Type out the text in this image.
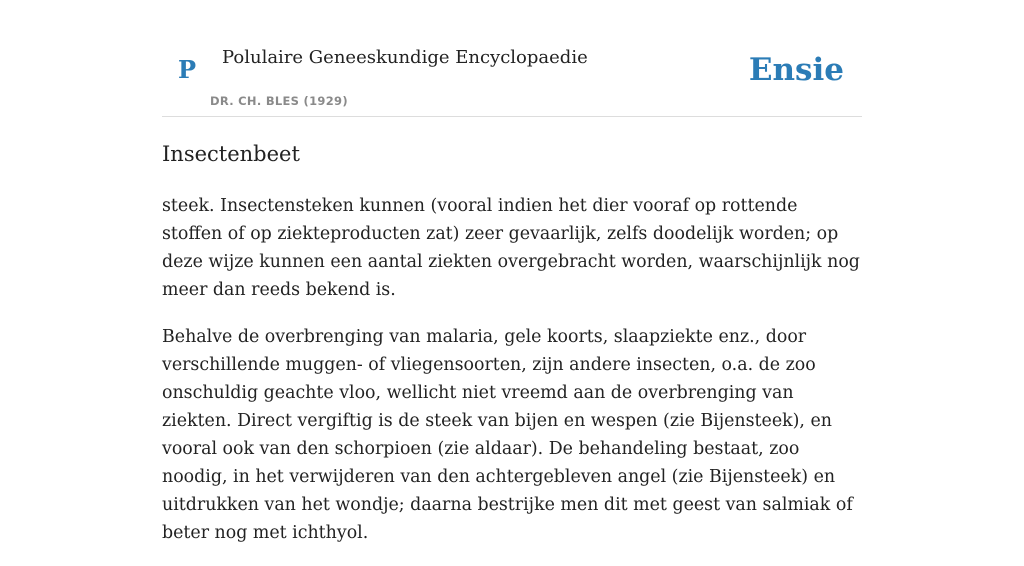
P Polulaire Geneeskundige Encyclopaedie
DR. CH. BLES (1929)
Ensie
Insectenbeet

steek. Insectensteken kunnen (vooral indien het dier vooraf op rottende stoffen of op ziekteproducten zat) zeer gevaarlijk, zelfs doodelijk worden; op deze wijze kunnen een aantal ziekten overgebracht worden, waarschijnlijk nog meer dan reeds bekend is.

Behalve de overbrenging van malaria, gele koorts, slaapziekte enz., door verschillende muggen- of vliegensoorten, zijn andere insecten, o.a. de zoo onschuldig geachte vloo, wellicht niet vreemd aan de overbrenging van ziekten. Direct vergiftig is de steek van bijen en wespen (zie Bijensteek), en vooral ook van den schorpioen (zie aldaar). De behandeling bestaat, zoo noodig, in het verwijderen van den achtergebleven angel (zie Bijensteek) en uitdrukken van het wondje; daarna bestrijke men dit met geest van salmiak of beter nog met ichthyol.
